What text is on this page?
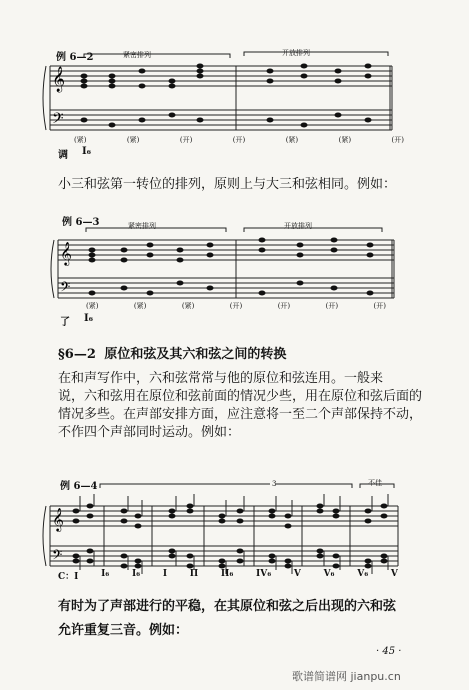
例 6—2	紧密排列	开放排列
𝄞
𝄢
(紧)	(紧)	(开)	(开)	(紧)	(紧)	(开)
调 I₆
小三和弦第一转位的排列，原则上与大三和弦相同。例如：
例 6—3	紧密排列	开放排列
𝄞
𝄢
(紧)	(紧)	(紧)	(开)	(开)	(开)	(开)
了 I₆
§6—2 原位和弦及其六和弦之间的转换
在和声写作中，六和弦常常与他的原位和弦连用。一般来
说，六和弦用在原位和弦前面的情况少些，用在原位和弦后面的
情况多些。在声部安排方面，应注意将一至二个声部保持不动，
不作四个声部同时运动。例如：
例 6—4	3	不佳
𝄞
𝄢
C：I	I₆	I₆	I	II	II₆	IV₆	V	V₆	V₆	V
有时为了声部进行的平稳，在其原位和弦之后出现的六和弦
允许重复三音。例如：
· 45 ·
歌谱简谱网 jianpu.cn
